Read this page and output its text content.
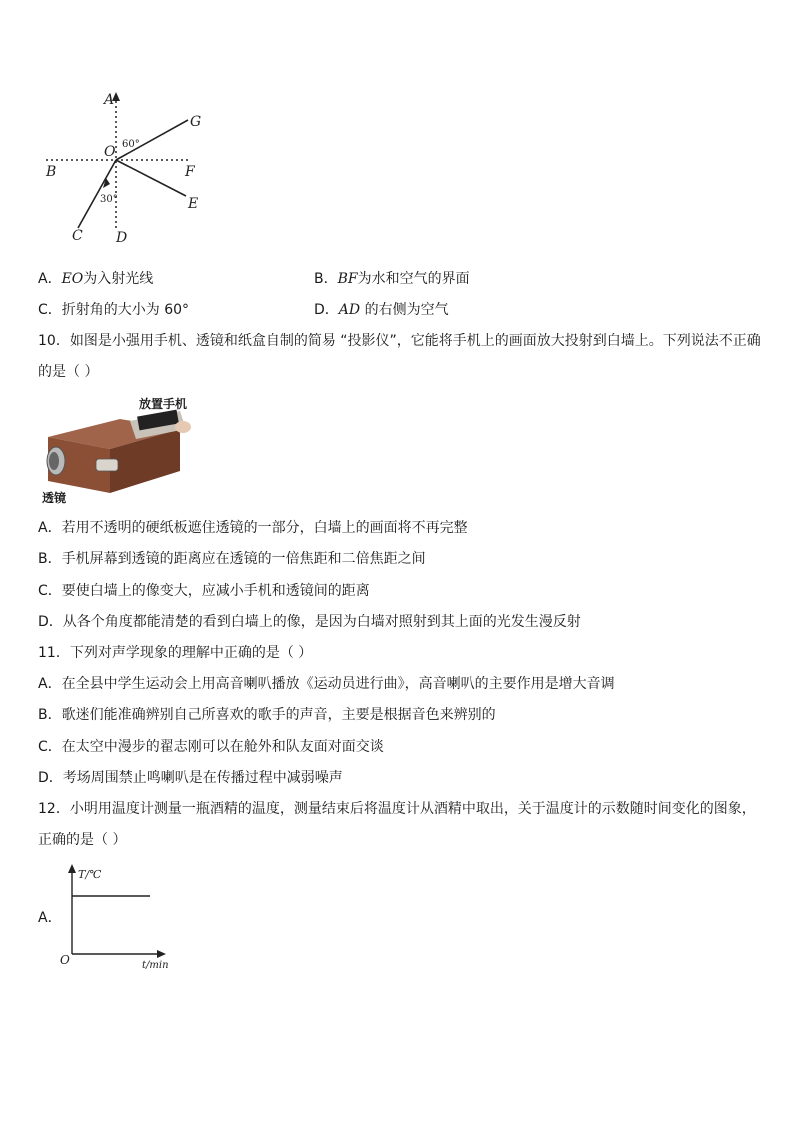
A
G
O 60°
B	F
E
30°
C D
A．EO为入射光线	B．BF为水和空气的界面
C．折射角的大小为 60°	D．AD 的右侧为空气
10．如图是小强用手机、透镜和纸盒自制的简易 “投影仪”，它能将手机上的画面放大投射到白墙上。下列说法不正确
的是（ ）
放置手机
透镜
A．若用不透明的硬纸板遮住透镜的一部分，白墙上的画面将不再完整
B．手机屏幕到透镜的距离应在透镜的一倍焦距和二倍焦距之间
C．要使白墙上的像变大，应减小手机和透镜间的距离
D．从各个角度都能清楚的看到白墙上的像，是因为白墙对照射到其上面的光发生漫反射
11．下列对声学现象的理解中正确的是（ ）
A．在全县中学生运动会上用高音喇叭播放《运动员进行曲》，高音喇叭的主要作用是增大音调
B．歌迷们能准确辨别自己所喜欢的歌手的声音，主要是根据音色来辨别的
C．在太空中漫步的翟志刚可以在舱外和队友面对面交谈
D．考场周围禁止鸣喇叭是在传播过程中减弱噪声
12．小明用温度计测量一瓶酒精的温度，测量结束后将温度计从酒精中取出，关于温度计的示数随时间变化的图象，
正确的是（ ）
A．
T/℃
t/min
O
